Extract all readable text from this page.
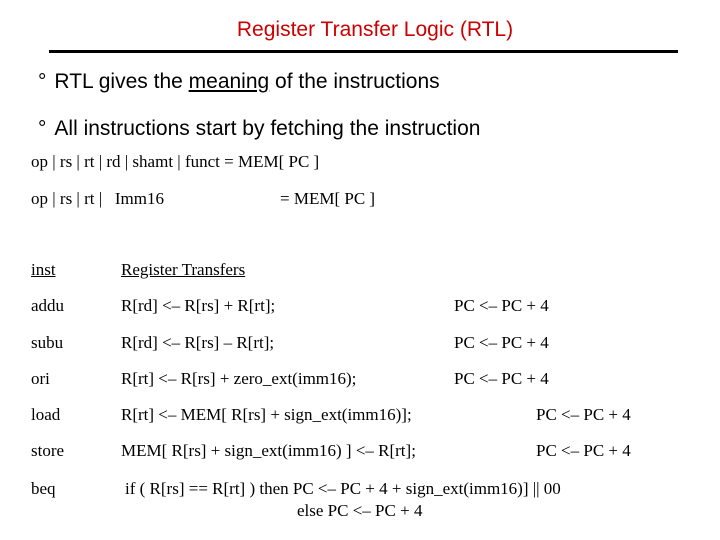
Register Transfer Logic (RTL)
° RTL gives the meaning of the instructions
° All instructions start by fetching the instruction
op | rs | rt | rd | shamt | funct = MEM[ PC ]
op | rs | rt |   Imm16	= MEM[ PC ]
inst	Register Transfers
addu	R[rd] <– R[rs] + R[rt];	PC <– PC + 4
subu	R[rd] <– R[rs] – R[rt];	PC <– PC + 4
ori	R[rt] <– R[rs] + zero_ext(imm16);	PC <– PC + 4
load	R[rt] <– MEM[ R[rs] + sign_ext(imm16)];	PC <– PC + 4
store	MEM[ R[rs] + sign_ext(imm16) ] <– R[rt];	PC <– PC + 4
beq	if ( R[rs] == R[rt] ) then PC <– PC + 4 + sign_ext(imm16)] || 00
else PC <– PC + 4
